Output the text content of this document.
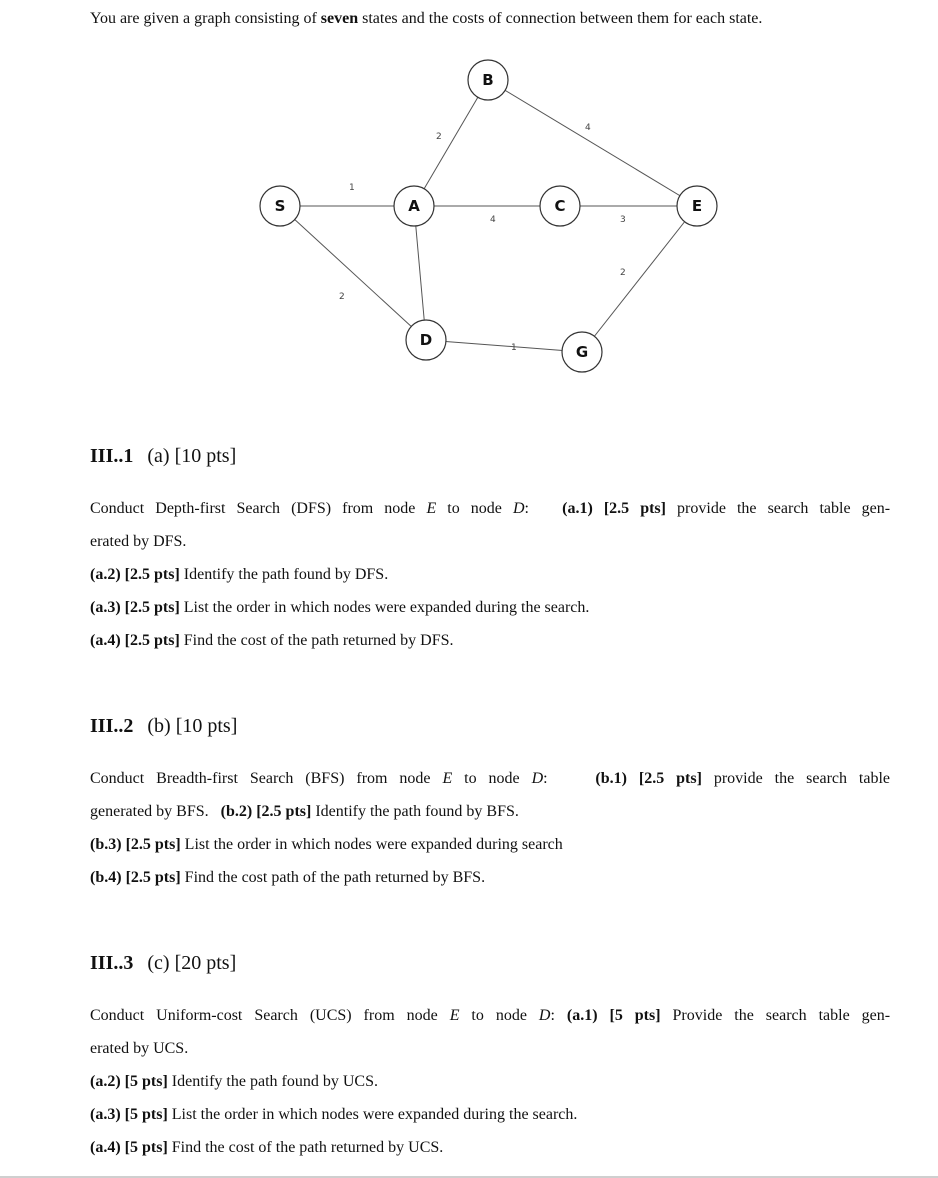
You are given a graph consisting of seven states and the costs of connection between them for each state.
1
2
2
4
4
3
1
2
S	A
B
C
D
E
G
III..1 (a) [10 pts]
Conduct Depth-first Search (DFS) from node E to node D: (a.1) [2.5 pts] provide the search table gen-
erated by DFS.
(a.2) [2.5 pts] Identify the path found by DFS.
(a.3) [2.5 pts] List the order in which nodes were expanded during the search.
(a.4) [2.5 pts] Find the cost of the path returned by DFS.
III..2 (b) [10 pts]
Conduct Breadth-first Search (BFS) from node E to node D:	(b.1) [2.5 pts] provide the search table
generated by BFS. (b.2) [2.5 pts] Identify the path found by BFS.
(b.3) [2.5 pts] List the order in which nodes were expanded during search
(b.4) [2.5 pts] Find the cost path of the path returned by BFS.
III..3 (c) [20 pts]
Conduct Uniform-cost Search (UCS) from node E to node D: (a.1) [5 pts] Provide the search table gen-
erated by UCS.
(a.2) [5 pts] Identify the path found by UCS.
(a.3) [5 pts] List the order in which nodes were expanded during the search.
(a.4) [5 pts] Find the cost of the path returned by UCS.
